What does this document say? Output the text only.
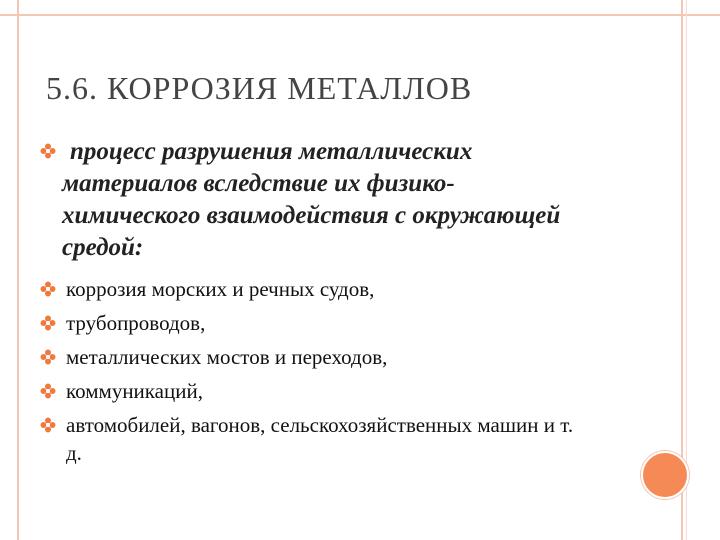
5.6. КОРРОЗИЯ МЕТАЛЛОВ
процесс разрушения металлических материалов вследствие их физико-химического взаимодействия с окружающей средой:
коррозия морских и речных судов,
трубопроводов,
металлических мостов и переходов,
коммуникаций,
автомобилей, вагонов, сельскохозяйственных машин и т. д.
